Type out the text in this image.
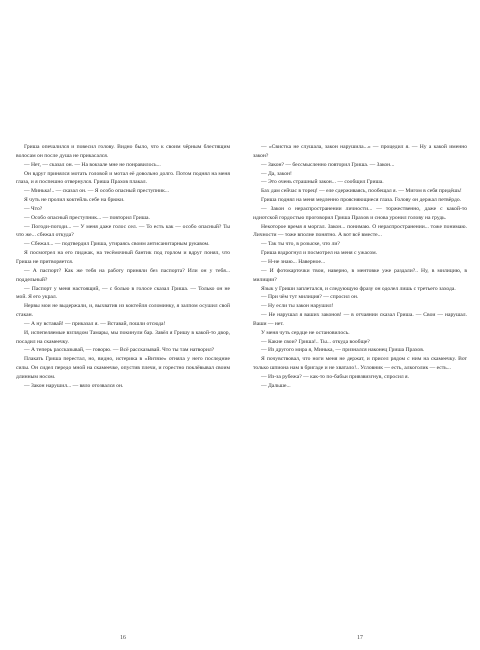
Гриша опечалился и повесил голову. Видно было, что к своим чёрным блестящим волосам он после душа не прикасался.

— Нет, — сказал он. — На вокзале мне не понравилось...

Он вдруг принялся мотать головой и мотал её довольно долго. Потом поднял на меня глаза, и я поспешно отвернулся. Гриша Прахов плакал.

— Минька!.. — сказал он. — Я особо опасный преступник...

Я чуть не пролил коктейль себе на брюки.

— Что?

— Особо опасный преступник... — повторил Гриша.

— Погоди-погоди... — У меня даже голос сел. — То есть как — особо опасный? Ты что же... сбежал откуда?

— Сбежал... — подтвердил Гриша, утираясь своим антисанитарным рукавом.

Я посмотрел на его пиджак, на теcёмочный бантик под горлом и вдруг понял, что Гриша не притворяется.

— А паспорт? Как же тебя на работу приняли без паспорта? Или он у тебя... поддельный?

— Паспорт у меня настоящий, — с болью в голосе сказал Гриша. — Только он не мой. Я его украл.

Нервы мои не выдержали, и, выхватив из коктейля соломинку, я залпом осушил свой стакан.

— А ну вставай! — приказал я. — Вставай, пошли отсюда!

И, испепеляемые взглядом Тамары, мы покинули бар. Завёл я Гришу в какой-то двор, посадил на скамеечку.

— А теперь рассказывай, — говорю. — Всё рассказывай. Что ты там натворил?

Плакать Гриша перестал, но, видно, истерика в «Витязе» отняла у него последние силы. Он сидел передо мной на скамеечке, опустив плечи, и горестно поклёвывал своим длинным носом.

— Закон нарушил... — вяло отозвался он.

16

— «Свистка не слушала, закон нарушила...» — процедил я. — Ну а какой именно закон?

— Закон? — бессмысленно повторил Гриша. — Закон...

— Да, закон!

— Это очень страшный закон... — сообщил Гриша.

Бах дам сейчас в торец! — еле сдерживаясь, пообещал я. — Мигом в себя придёшь!

Гриша поднял на меня медленно проясняющиеся глаза. Голову он держал петвёрдо.

— Закон о нераспространении личности... — торжественно, даже с какой-то идиотской гордостью проговорил Гриша Прахов и снова уронил голову на грудь.

Некоторое время я моргал. Закон... понимаю. О нераспространении... тоже понимаю. Личности — тоже вполне понятно. А вот всё вместе...

— Так ты что, в розыске, что ли?

Гриша вздрогнул и посмотрел на меня с ужасом.

— Н-не знаю... Наверное...

— И фотокарточки твои, наверно, в ментовке уже раздали?.. Ну, в милицию, в милиции?

Язык у Гриши заплетался, и следующую фразу он одолел лишь с третьего захода.

— При чём тут милиция? — спросил он.

— Ну если ты закон нарушил!

— Не нарушал я ваших законов! — в отчаянии сказал Гриша. — Свои — нарушал. Ваши — нет.

У меня чуть сердце не остановилось.

— Какие свои? Гриша!.. Ты... откуда вообще?

— Из другого мира я, Минька, — признался наконец Гриша Прахов.

Я почувствовал, что ноги меня не держат, и присел рядом с ним на скамеечку. Вот только шпиона нам в бригаде и не хватало!.. Условник — есть, алкоголик — есть...

— Из-за рубежа? — как-то по-бабьи привзвизгнув, спросил я.

— Дальше...

17
